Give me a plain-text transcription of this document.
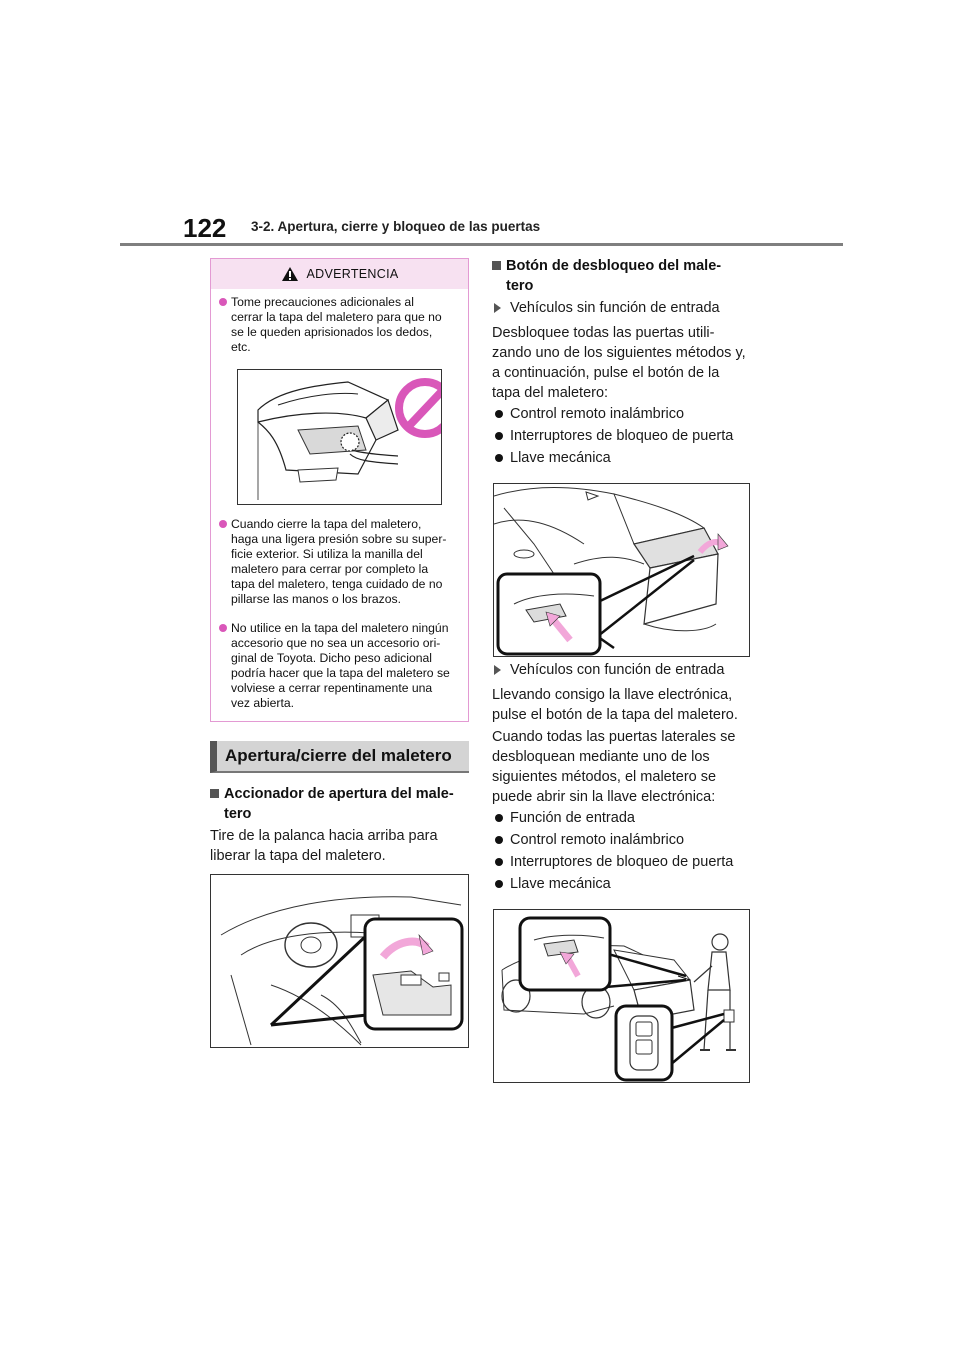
122 3-2. Apertura, cierre y bloqueo de las puertas
ADVERTENCIA
Tome precauciones adicionales al
cerrar la tapa del maletero para que no
se le queden aprisionados los dedos,
etc.
Cuando cierre la tapa del maletero,
haga una ligera presión sobre su super-
ficie exterior. Si utiliza la manilla del
maletero para cerrar por completo la
tapa del maletero, tenga cuidado de no
pillarse las manos o los brazos.
No utilice en la tapa del maletero ningún
accesorio que no sea un accesorio ori-
ginal de Toyota. Dicho peso adicional
podría hacer que la tapa del maletero se
volviese a cerrar repentinamente una
vez abierta.
Apertura/cierre del maletero
Accionador de apertura del male-
tero
Tire de la palanca hacia arriba para
liberar la tapa del maletero.
Botón de desbloqueo del male-
tero
Vehículos sin función de entrada
Desbloquee todas las puertas utili-
zando uno de los siguientes métodos y,
a continuación, pulse el botón de la
tapa del maletero:
Control remoto inalámbrico
Interruptores de bloqueo de puerta
Llave mecánica
Vehículos con función de entrada
Llevando consigo la llave electrónica,
pulse el botón de la tapa del maletero.
Cuando todas las puertas laterales se
desbloquean mediante uno de los
siguientes métodos, el maletero se
puede abrir sin la llave electrónica:
Función de entrada
Control remoto inalámbrico
Interruptores de bloqueo de puerta
Llave mecánica
